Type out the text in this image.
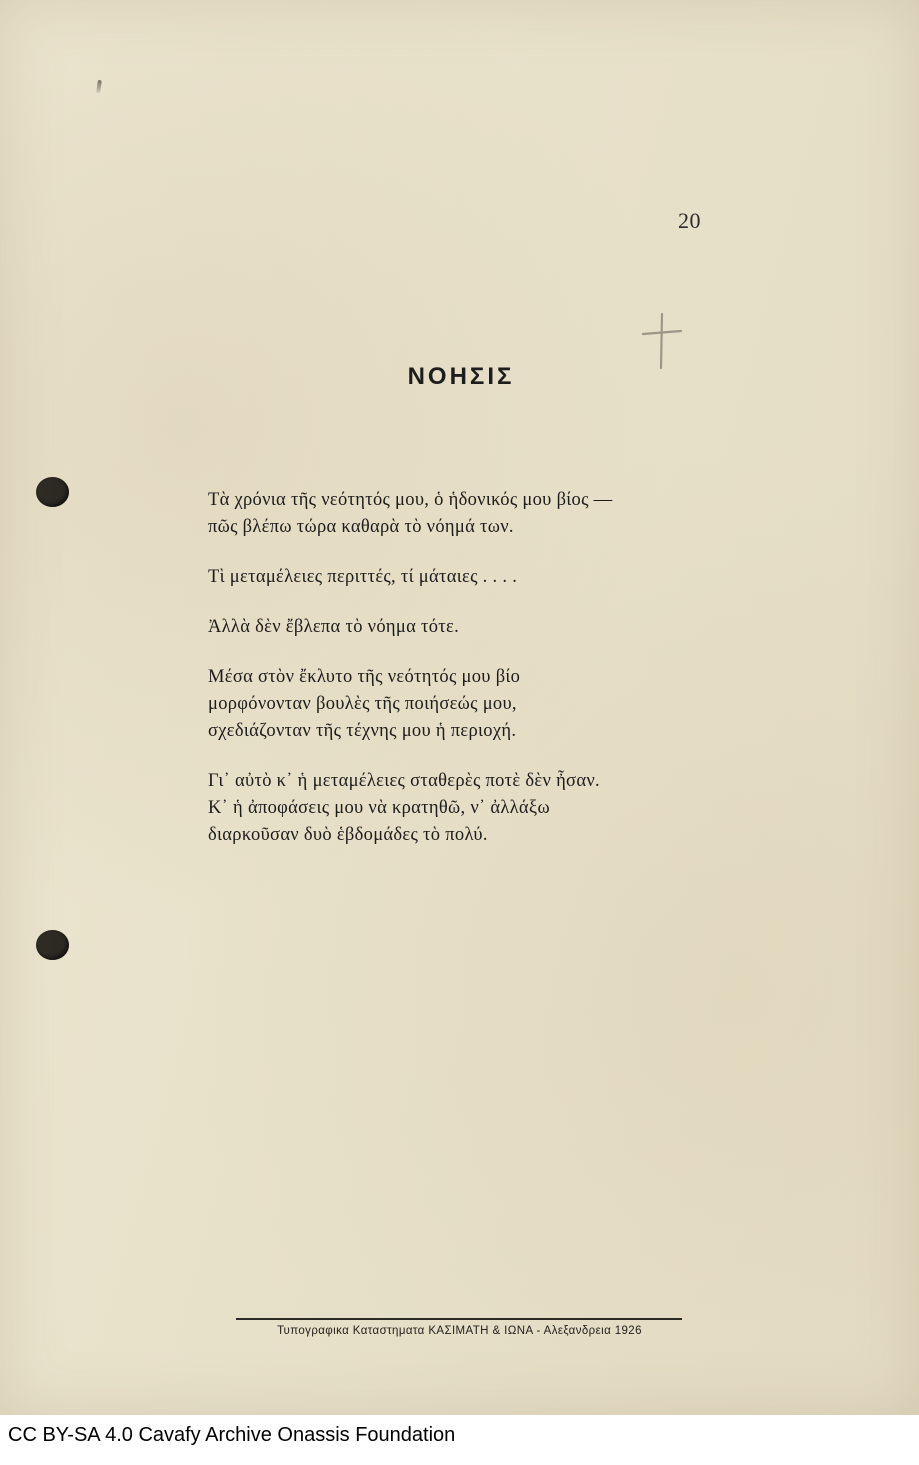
20
ΝΟΗΣΙΣ
Τὰ χρόνια τῆς νεότητός μου, ὁ ἡδονικός μου βίος —
πῶς βλέπω τώρα καθαρὰ τὸ νόημά των.
Τὶ μεταμέλειες περιττές, τί μάταιες . . . .
Ἀλλὰ δὲν ἔβλεπα τὸ νόημα τότε.
Μέσα στὸν ἔκλυτο τῆς νεότητός μου βίο
μορφόνονταν βουλὲς τῆς ποιήσεώς μου,
σχεδιάζονταν τῆς τέχνης μου ἡ περιοχή.
Γι᾿ αὐτὸ κ᾿ ἡ μεταμέλειες σταθερὲς ποτὲ δὲν ἦσαν.
Κ᾿ ἡ ἀποφάσεις μου νὰ κρατηθῶ, ν᾿ ἀλλάξω
διαρκοῦσαν δυὸ ἑβδομάδες τὸ πολύ.
Τυπογραφικα Καταστηματα ΚΑΣΙΜΑΤΗ & ΙΩΝΑ - Αλεξανδρεια 1926
CC BY-SA 4.0 Cavafy Archive Onassis Foundation
